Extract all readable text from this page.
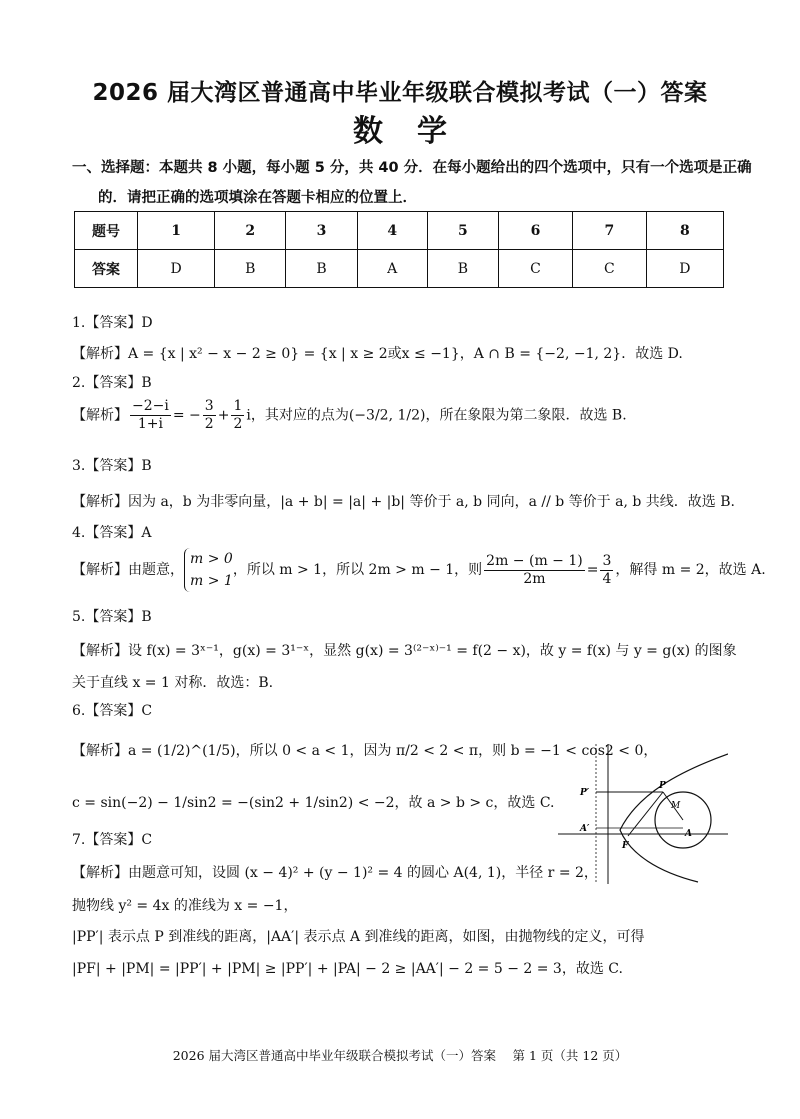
2026 届大湾区普通高中毕业年级联合模拟考试（一）答案
数学
一、选择题：本题共 8 小题，每小题 5 分，共 40 分．在每小题给出的四个选项中，只有一个选项是正确
的．请把正确的选项填涂在答题卡相应的位置上．
题号	1	2	3	4	5	6	7	8
答案	D	B	B	A	B	C	C	D
1.【答案】D
【解析】A = {x | x² − x − 2 ≥ 0} = {x | x ≥ 2或x ≤ −1}，A ∩ B = {−2, −1, 2}．故选 D.
2.【答案】B
【解析】 $\frac{-2-i}{1+i}$ = − $\frac{3}{2} + \frac{1}{2}$ i，其对应的点为(−3/2, 1/2)，所在象限为第二象限．故选 B.
3.【答案】B
【解析】因为 a，b 为非零向量，|a + b| = |a| + |b| 等价于 a, b 同向，a // b 等价于 a, b 共线．故选 B.
4.【答案】A
【解析】由题意，
m > 0
m > 1
，所以 m > 1，所以 2m > m − 1，则 $\frac{2m - (m - 1)}{2m} = \frac{3}{4}$ ，解得 m = 2，故选 A.
5.【答案】B
【解析】设 f(x) = 3ˣ⁻¹，g(x) = 3¹⁻ˣ，显然 g(x) = 3⁽²⁻ˣ⁾⁻¹ = f(2 − x)，故 y = f(x) 与 y = g(x) 的图象
关于直线 x = 1 对称．故选：B.
6.【答案】C
【解析】a = (1/2)^(1/5)，所以 0 < a < 1，因为 π/2 < 2 < π，则 b = −1 < cos2 < 0，
c = sin(−2) − 1/sin2 = −(sin2 + 1/sin2) < −2，故 a > b > c，故选 C.
7.【答案】C
【解析】由题意可知，设圆 (x − 4)² + (y − 1)² = 4 的圆心 A(4, 1)，半径 r = 2，
抛物线 y² = 4x 的准线为 x = −1，
|PP′| 表示点 P 到准线的距离，|AA′| 表示点 A 到准线的距离，如图，由抛物线的定义，可得
|PF| + |PM| = |PP′| + |PM| ≥ |PP′| + |PA| − 2 ≥ |AA′| − 2 = 5 − 2 = 3，故选 C.
P
P′
M
A′	A
F
2026 届大湾区普通高中毕业年级联合模拟考试（一）答案　 第 1 页（共 12 页）
